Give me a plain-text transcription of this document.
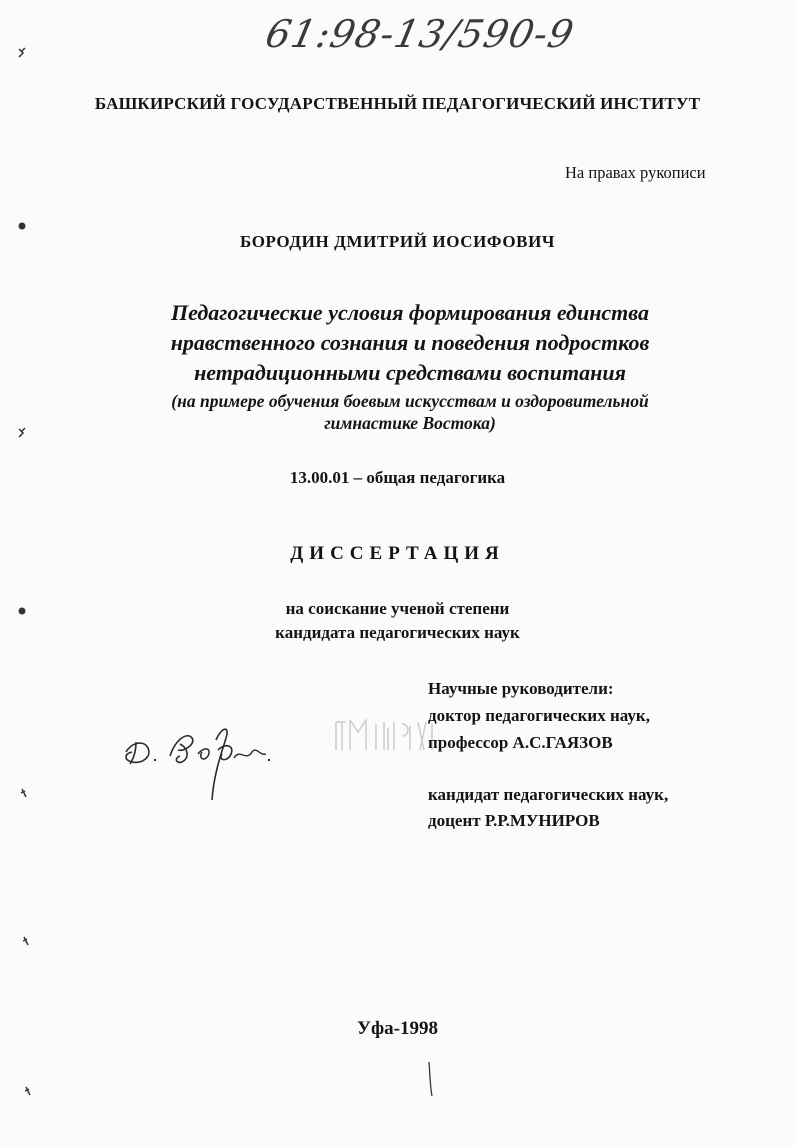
61:98-13/590-9
БАШКИРСКИЙ ГОСУДАРСТВЕННЫЙ ПЕДАГОГИЧЕСКИЙ ИНСТИТУТ
На правах рукописи
БОРОДИН ДМИТРИЙ ИОСИФОВИЧ
Педагогические условия формирования единства
нравственного сознания и поведения подростков
нетрадиционными средствами воспитания
(на примере обучения боевым искусствам и оздоровительной
гимнастике Востока)
13.00.01 – общая педагогика
ДИССЕРТАЦИЯ
на соискание ученой степени
кандидата педагогических наук
Научные руководители:
доктор педагогических наук,
профессор А.С.ГАЯЗОВ
кандидат педагогических наук,
доцент Р.Р.МУНИРОВ
Уфа-1998
